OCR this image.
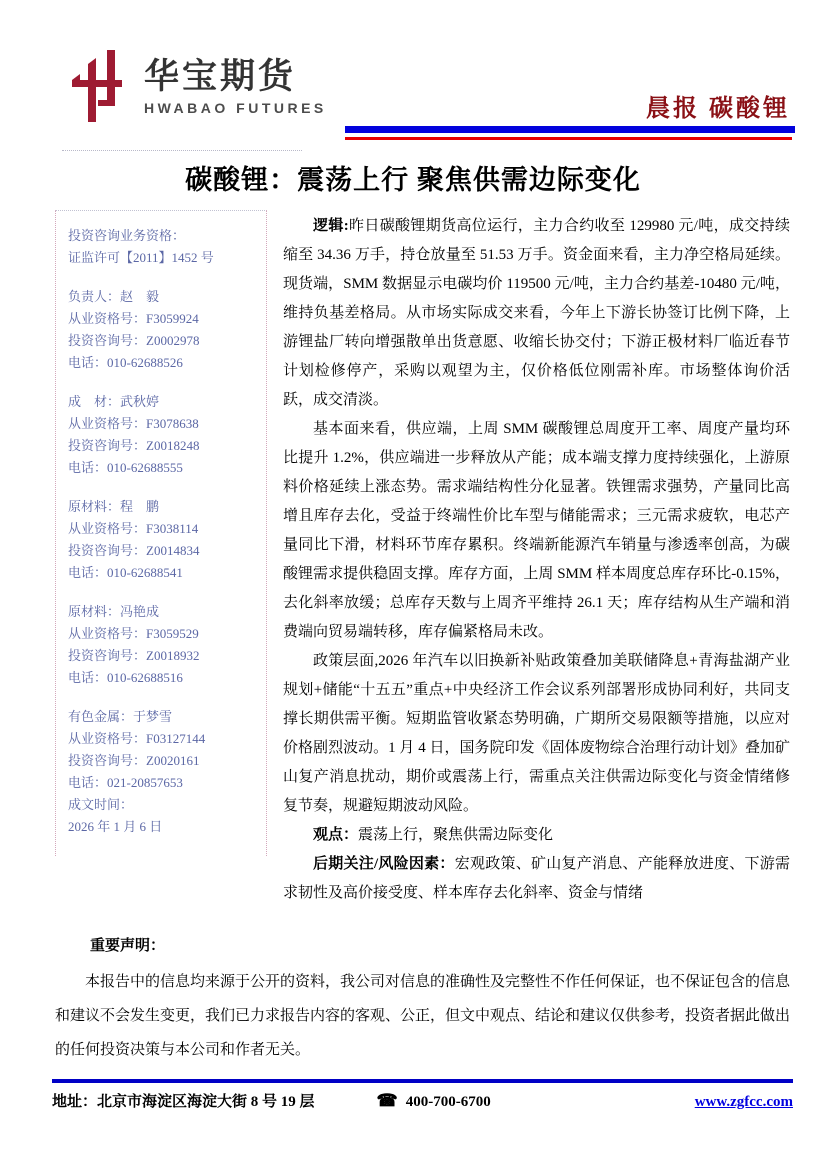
华宝期货
HWABAO FUTURES	晨报 碳酸锂
碳酸锂：震荡上行 聚焦供需边际变化
投资咨询业务资格：
证监许可【2011】1452 号
负责人：赵　毅
从业资格号：F3059924
投资咨询号：Z0002978
电话：010-62688526
成　材：武秋婷
从业资格号：F3078638
投资咨询号：Z0018248
电话：010-62688555
原材料：程　鹏
从业资格号：F3038114
投资咨询号：Z0014834
电话：010-62688541
原材料：冯艳成
从业资格号：F3059529
投资咨询号：Z0018932
电话：010-62688516
有色金属：于梦雪
从业资格号：F03127144
投资咨询号：Z0020161
电话：021-20857653
成文时间：
2026 年 1 月 6 日

逻辑:昨日碳酸锂期货高位运行，主力合约收至 129980 元/吨，成交持续缩至 34.36 万手，持仓放量至 51.53 万手。资金面来看，主力净空格局延续。现货端，SMM 数据显示电碳均价 119500 元/吨，主力合约基差-10480 元/吨，维持负基差格局。从市场实际成交来看，今年上下游长协签订比例下降，上游锂盐厂转向增强散单出货意愿、收缩长协交付；下游正极材料厂临近春节计划检修停产，采购以观望为主，仅价格低位刚需补库。市场整体询价活跃，成交清淡。

基本面来看，供应端，上周 SMM 碳酸锂总周度开工率、周度产量均环比提升 1.2%，供应端进一步释放从产能；成本端支撑力度持续强化，上游原料价格延续上涨态势。需求端结构性分化显著。铁锂需求强势，产量同比高增且库存去化，受益于终端性价比车型与储能需求；三元需求疲软，电芯产量同比下滑，材料环节库存累积。终端新能源汽车销量与渗透率创高，为碳酸锂需求提供稳固支撑。库存方面，上周 SMM 样本周度总库存环比-0.15%，去化斜率放缓；总库存天数与上周齐平维持 26.1 天；库存结构从生产端和消费端向贸易端转移，库存偏紧格局未改。

政策层面,2026 年汽车以旧换新补贴政策叠加美联储降息+青海盐湖产业规划+储能“十五五”重点+中央经济工作会议系列部署形成协同利好，共同支撑长期供需平衡。短期监管收紧态势明确，广期所交易限额等措施，以应对价格剧烈波动。1 月 4 日，国务院印发《固体废物综合治理行动计划》叠加矿山复产消息扰动，期价或震荡上行，需重点关注供需边际变化与资金情绪修复节奏，规避短期波动风险。

观点：震荡上行，聚焦供需边际变化

后期关注/风险因素：宏观政策、矿山复产消息、产能释放进度、下游需求韧性及高价接受度、样本库存去化斜率、资金与情绪

重要声明：

本报告中的信息均来源于公开的资料，我公司对信息的准确性及完整性不作任何保证，也不保证包含的信息和建议不会发生变更，我们已力求报告内容的客观、公正，但文中观点、结论和建议仅供参考，投资者据此做出的任何投资决策与本公司和作者无关。

地址：北京市海淀区海淀大街 8 号 19 层	☎ 400-700-6700	www.zgfcc.com
